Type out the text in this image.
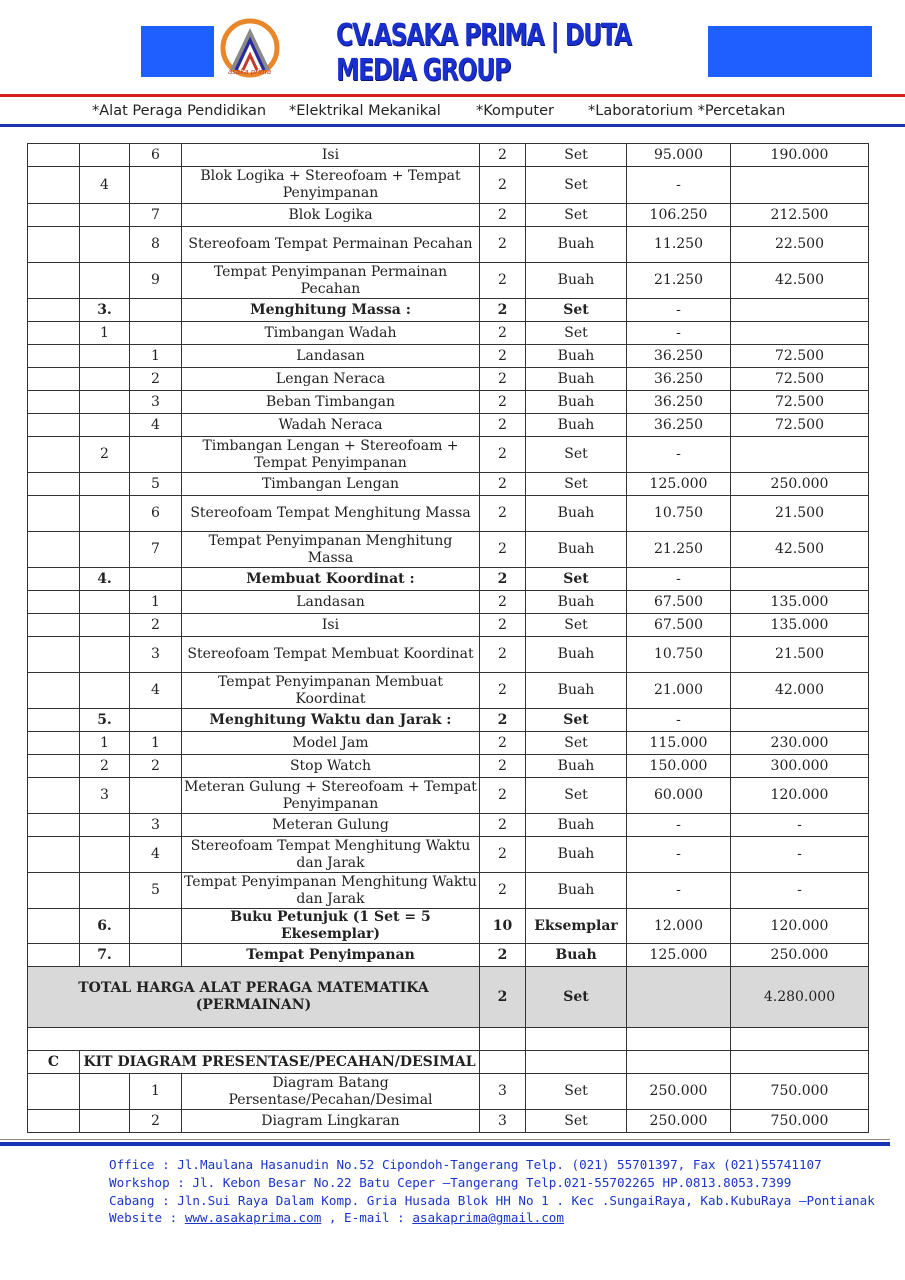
asaka prima
CV.ASAKA PRIMA | DUTA MEDIA GROUP
*Alat Peraga Pendidikan *Elektrikal Mekanikal *Komputer *Laboratorium *Percetakan
		6	Isi	2	Set	95.000	190.000
	4		Blok Logika + Stereofoam + Tempat Penyimpanan	2	Set	-	
		7	Blok Logika	2	Set	106.250	212.500
		8	Stereofoam Tempat Permainan Pecahan	2	Buah	11.250	22.500
		9	Tempat Penyimpanan Permainan Pecahan	2	Buah	21.250	42.500
	3.		Menghitung Massa :	2	Set	-	
	1		Timbangan Wadah	2	Set	-	
		1	Landasan	2	Buah	36.250	72.500
		2	Lengan Neraca	2	Buah	36.250	72.500
		3	Beban Timbangan	2	Buah	36.250	72.500
		4	Wadah Neraca	2	Buah	36.250	72.500
	2		Timbangan Lengan + Stereofoam + Tempat Penyimpanan	2	Set	-	
		5	Timbangan Lengan	2	Set	125.000	250.000
		6	Stereofoam Tempat Menghitung Massa	2	Buah	10.750	21.500
		7	Tempat Penyimpanan Menghitung Massa	2	Buah	21.250	42.500
	4.		Membuat Koordinat :	2	Set	-	
		1	Landasan	2	Buah	67.500	135.000
		2	Isi	2	Set	67.500	135.000
		3	Stereofoam Tempat Membuat Koordinat	2	Buah	10.750	21.500
		4	Tempat Penyimpanan Membuat Koordinat	2	Buah	21.000	42.000
	5.		Menghitung Waktu dan Jarak :	2	Set	-	
	1	1	Model Jam	2	Set	115.000	230.000
	2	2	Stop Watch	2	Buah	150.000	300.000
	3		Meteran Gulung + Stereofoam + Tempat Penyimpanan	2	Set	60.000	120.000
		3	Meteran Gulung	2	Buah	-	-
		4	Stereofoam Tempat Menghitung Waktu dan Jarak	2	Buah	-	-
		5	Tempat Penyimpanan Menghitung Waktu dan Jarak	2	Buah	-	-
	6.		Buku Petunjuk (1 Set = 5 Ekesemplar)	10	Eksemplar	12.000	120.000
	7.		Tempat Penyimpanan	2	Buah	125.000	250.000
TOTAL HARGA ALAT PERAGA MATEMATIKA (PERMAINAN)				2	Set		4.280.000

C	KIT DIAGRAM PRESENTASE/PECAHAN/DESIMAL						
		1	Diagram Batang Persentase/Pecahan/Desimal	3	Set	250.000	750.000
		2	Diagram Lingkaran	3	Set	250.000	750.000
Office : Jl.Maulana Hasanudin No.52 Cipondoh-Tangerang Telp. (021) 55701397, Fax (021)55741107
Workshop : Jl. Kebon Besar No.22 Batu Ceper –Tangerang Telp.021-55702265 HP.0813.8053.7399
Cabang : Jln.Sui Raya Dalam Komp. Gria Husada Blok HH No 1 . Kec .SungaiRaya, Kab.KubuRaya –Pontianak
Website : www.asakaprima.com , E-mail : asakaprima@gmail.com
